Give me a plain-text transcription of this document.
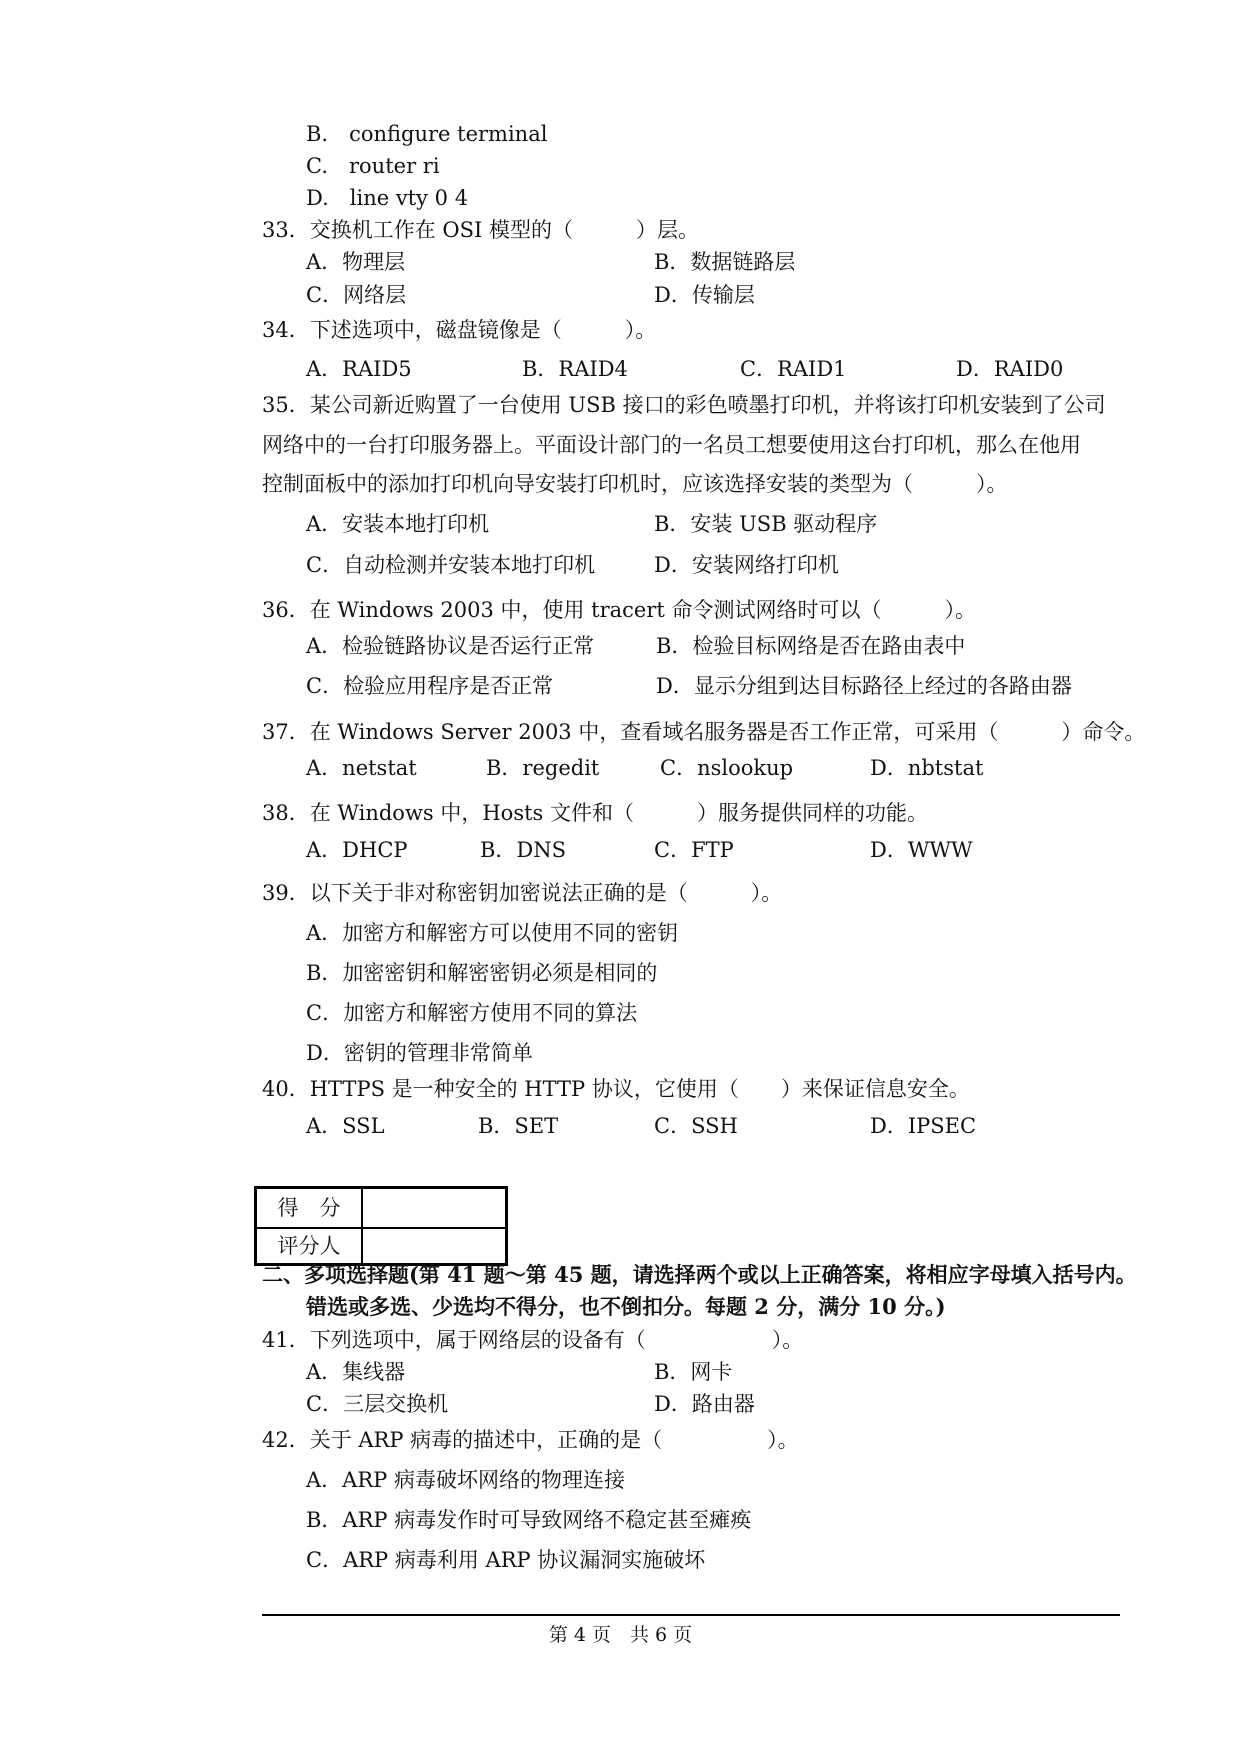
B.　configure terminal
C.　router ri
D.　line vty 0 4
33．交换机工作在 OSI 模型的（　　　）层。
A．物理层	B．数据链路层
C．网络层	D．传输层
34．下述选项中，磁盘镜像是（　　　）。
A．RAID5	B．RAID4	C．RAID1	D．RAID0
35．某公司新近购置了一台使用 USB 接口的彩色喷墨打印机，并将该打印机安装到了公司
网络中的一台打印服务器上。平面设计部门的一名员工想要使用这台打印机，那么在他用
控制面板中的添加打印机向导安装打印机时，应该选择安装的类型为（　　　）。
A．安装本地打印机	B．安装 USB 驱动程序
C．自动检测并安装本地打印机	D．安装网络打印机
36．在 Windows 2003 中，使用 tracert 命令测试网络时可以（　　　）。
A．检验链路协议是否运行正常	B．检验目标网络是否在路由表中
C．检验应用程序是否正常	D．显示分组到达目标路径上经过的各路由器
37．在 Windows Server 2003 中，查看域名服务器是否工作正常，可采用（　　　）命令。
A．netstat	B．regedit	C．nslookup	D．nbtstat
38．在 Windows 中，Hosts 文件和（　　　）服务提供同样的功能。
A．DHCP	B．DNS	C．FTP	D．WWW
39．以下关于非对称密钥加密说法正确的是（　　　）。
A．加密方和解密方可以使用不同的密钥
B．加密密钥和解密密钥必须是相同的
C．加密方和解密方使用不同的算法
D．密钥的管理非常简单
40．HTTPS 是一种安全的 HTTP 协议，它使用（　　）来保证信息安全。
A．SSL	B．SET	C．SSH	D．IPSEC
得　分
评分人
二、多项选择题(第 41 题～第 45 题，请选择两个或以上正确答案，将相应字母填入括号内。
错选或多选、少选均不得分，也不倒扣分。每题 2 分，满分 10 分。)
41．下列选项中，属于网络层的设备有（　　　　　　）。
A．集线器	B．网卡
C．三层交换机	D．路由器
42．关于 ARP 病毒的描述中，正确的是（　　　　　）。
A．ARP 病毒破坏网络的物理连接
B．ARP 病毒发作时可导致网络不稳定甚至瘫痪
C．ARP 病毒利用 ARP 协议漏洞实施破坏
第 4 页　共 6 页
